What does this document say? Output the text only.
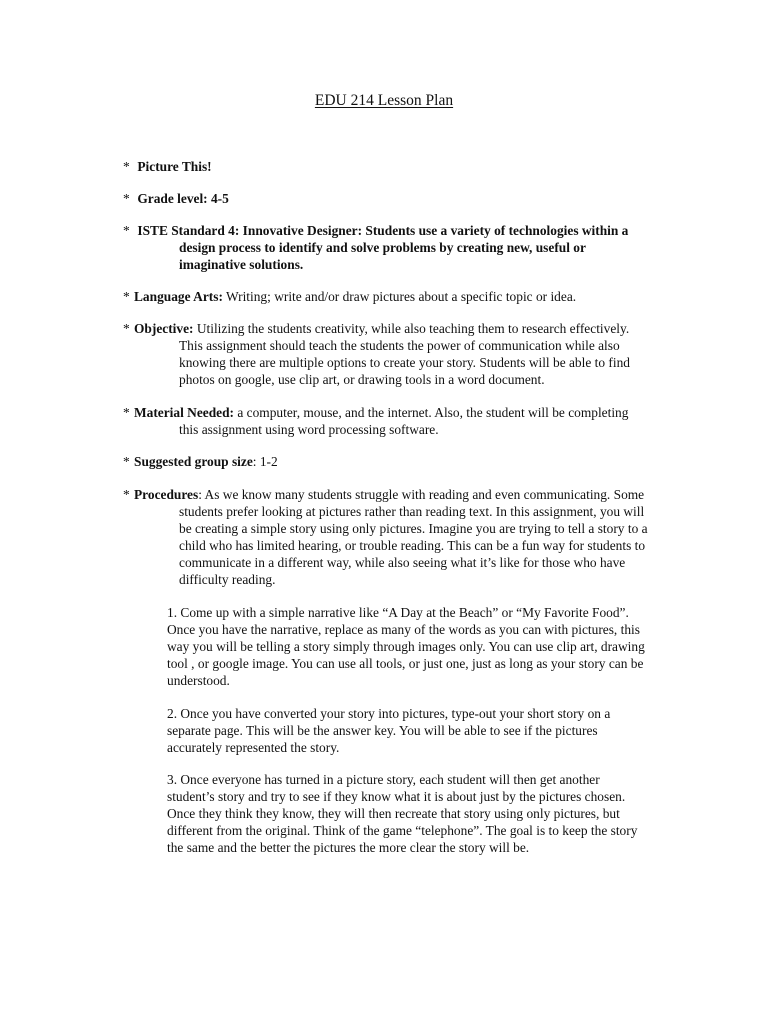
EDU 214 Lesson Plan
* Picture This!
* Grade level: 4-5
* ISTE Standard 4: Innovative Designer: Students use a variety of technologies within a
design process to identify and solve problems by creating new, useful or
imaginative solutions.
* Language Arts: Writing; write and/or draw pictures about a specific topic or idea.
* Objective: Utilizing the students creativity, while also teaching them to research effectively.
This assignment should teach the students the power of communication while also
knowing there are multiple options to create your story. Students will be able to find
photos on google, use clip art, or drawing tools in a word document.
* Material Needed: a computer, mouse, and the internet. Also, the student will be completing
this assignment using word processing software.
* Suggested group size: 1-2
* Procedures: As we know many students struggle with reading and even communicating. Some
students prefer looking at pictures rather than reading text. In this assignment, you will
be creating a simple story using only pictures. Imagine you are trying to tell a story to a
child who has limited hearing, or trouble reading. This can be a fun way for students to
communicate in a different way, while also seeing what it’s like for those who have
difficulty reading.
1. Come up with a simple narrative like “A Day at the Beach” or “My Favorite Food”.
Once you have the narrative, replace as many of the words as you can with pictures, this
way you will be telling a story simply through images only. You can use clip art, drawing
tool , or google image. You can use all tools, or just one, just as long as your story can be
understood.
2. Once you have converted your story into pictures, type-out your short story on a
separate page. This will be the answer key. You will be able to see if the pictures
accurately represented the story.
3. Once everyone has turned in a picture story, each student will then get another
student’s story and try to see if they know what it is about just by the pictures chosen.
Once they think they know, they will then recreate that story using only pictures, but
different from the original. Think of the game “telephone”. The goal is to keep the story
the same and the better the pictures the more clear the story will be.
